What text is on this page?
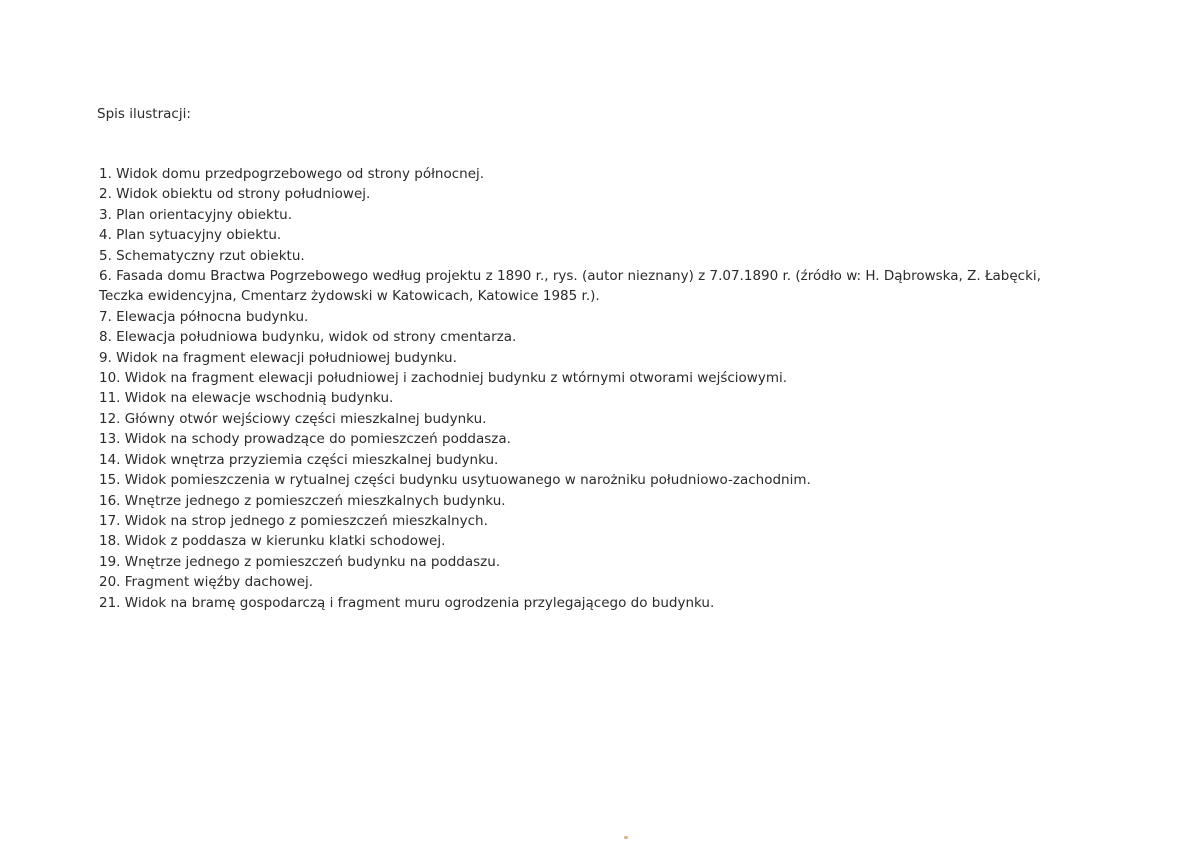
Spis ilustracji:
1. Widok domu przedpogrzebowego od strony północnej.
2. Widok obiektu od strony południowej.
3. Plan orientacyjny obiektu.
4. Plan sytuacyjny obiektu.
5. Schematyczny rzut obiektu.
6. Fasada domu Bractwa Pogrzebowego według projektu z 1890 r., rys. (autor nieznany) z 7.07.1890 r. (źródło w: H. Dąbrowska, Z. Łabęcki,
Teczka ewidencyjna, Cmentarz żydowski w Katowicach, Katowice 1985 r.).
7. Elewacja północna budynku.
8. Elewacja południowa budynku, widok od strony cmentarza.
9. Widok na fragment elewacji południowej budynku.
10. Widok na fragment elewacji południowej i zachodniej budynku z wtórnymi otworami wejściowymi.
11. Widok na elewacje wschodnią budynku.
12. Główny otwór wejściowy części mieszkalnej budynku.
13. Widok na schody prowadzące do pomieszczeń poddasza.
14. Widok wnętrza przyziemia części mieszkalnej budynku.
15. Widok pomieszczenia w rytualnej części budynku usytuowanego w narożniku południowo-zachodnim.
16. Wnętrze jednego z pomieszczeń mieszkalnych budynku.
17. Widok na strop jednego z pomieszczeń mieszkalnych.
18. Widok z poddasza w kierunku klatki schodowej.
19. Wnętrze jednego z pomieszczeń budynku na poddaszu.
20. Fragment więźby dachowej.
21. Widok na bramę gospodarczą i fragment muru ogrodzenia przylegającego do budynku.
